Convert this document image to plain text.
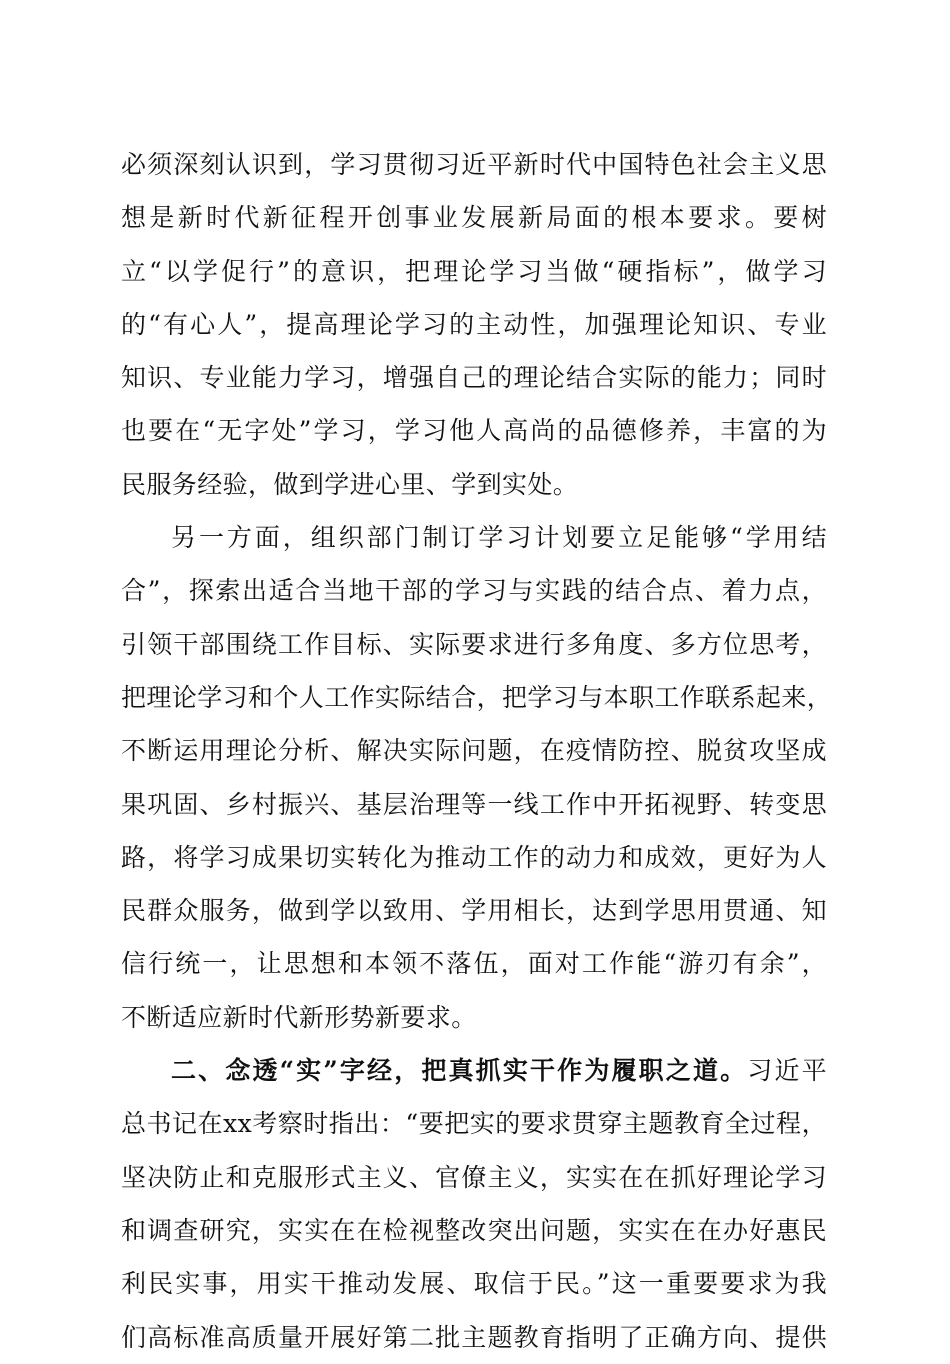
必须深刻认识到，学习贯彻习近平新时代中国特色社会主义思
想是新时代新征程开创事业发展新局面的根本要求。要树
立“以学促行”的意识，把理论学习当做“硬指标”，做学习
的“有心人”，提高理论学习的主动性，加强理论知识、专业
知识、专业能力学习，增强自己的理论结合实际的能力；同时
也要在“无字处”学习，学习他人高尚的品德修养，丰富的为
民服务经验，做到学进心里、学到实处。
另一方面，组织部门制订学习计划要立足能够“学用结
合”，探索出适合当地干部的学习与实践的结合点、着力点，
引领干部围绕工作目标、实际要求进行多角度、多方位思考，
把理论学习和个人工作实际结合，把学习与本职工作联系起来，
不断运用理论分析、解决实际问题，在疫情防控、脱贫攻坚成
果巩固、乡村振兴、基层治理等一线工作中开拓视野、转变思
路，将学习成果切实转化为推动工作的动力和成效，更好为人
民群众服务，做到学以致用、学用相长，达到学思用贯通、知
信行统一，让思想和本领不落伍，面对工作能“游刃有余”，
不断适应新时代新形势新要求。
二、念透“实”字经，把真抓实干作为履职之道。习近平
总书记在xx考察时指出：“要把实的要求贯穿主题教育全过程，
坚决防止和克服形式主义、官僚主义，实实在在抓好理论学习
和调查研究，实实在在检视整改突出问题，实实在在办好惠民
利民实事，用实干推动发展、取信于民。”这一重要要求为我
们高标准高质量开展好第二批主题教育指明了正确方向、提供
